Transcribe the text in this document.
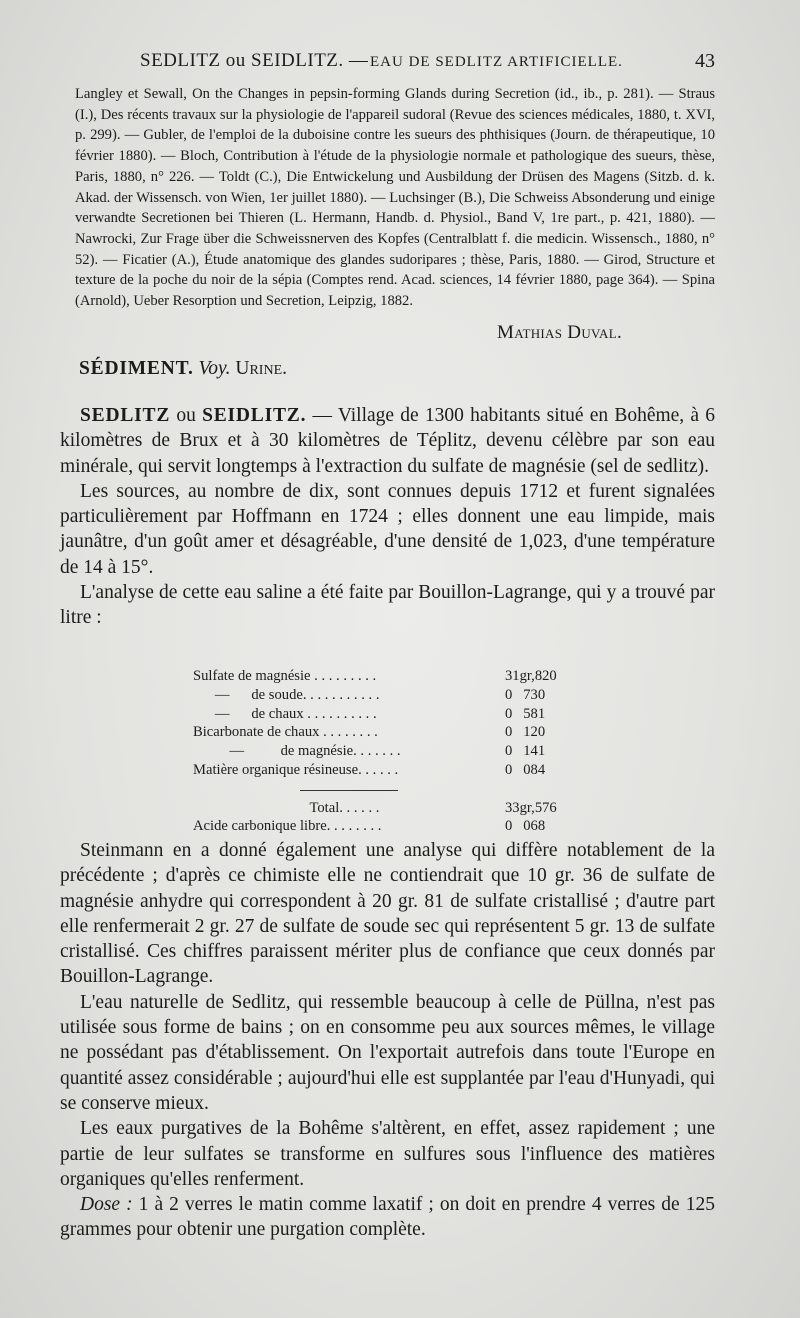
SEDLITZ ou SEIDLITZ. — EAU DE SEDLITZ ARTIFICIELLE.	43

Langley et Sewall, On the Changes in pepsin-forming Glands during Secretion (id., ib., p. 281). — Straus (I.), Des récents travaux sur la physiologie de l'appareil sudoral (Revue des sciences médicales, 1880, t. XVI, p. 299). — Gubler, de l'emploi de la duboisine contre les sueurs des phthisiques (Journ. de thérapeutique, 10 février 1880). — Bloch, Contribution à l'étude de la physiologie normale et pathologique des sueurs, thèse, Paris, 1880, n° 226. — Toldt (C.), Die Entwickelung und Ausbildung der Drüsen des Magens (Sitzb. d. k. Akad. der Wissensch. von Wien, 1er juillet 1880). — Luchsinger (B.), Die Schweiss Absonderung und einige verwandte Secretionen bei Thieren (L. Hermann, Handb. d. Physiol., Band V, 1re part., p. 421, 1880). — Nawrocki, Zur Frage über die Schweissnerven des Kopfes (Centralblatt f. die medicin. Wissensch., 1880, n° 52). — Ficatier (A.), Étude anatomique des glandes sudoripares ; thèse, Paris, 1880. — Girod, Structure et texture de la poche du noir de la sépia (Comptes rend. Acad. sciences, 14 février 1880, page 364). — Spina (Arnold), Ueber Resorption und Secretion, Leipzig, 1882.

Mathias Duval.
SÉDIMENT. Voy. Urine.

SEDLITZ ou SEIDLITZ. — Village de 1300 habitants situé en Bohême, à 6 kilomètres de Brux et à 30 kilomètres de Téplitz, devenu célèbre par son eau minérale, qui servit longtemps à l'extraction du sulfate de magnésie (sel de sedlitz).

Les sources, au nombre de dix, sont connues depuis 1712 et furent signalées particulièrement par Hoffmann en 1724 ; elles donnent une eau limpide, mais jaunâtre, d'un goût amer et désagréable, d'une densité de 1,023, d'une température de 14 à 15°.

L'analyse de cette eau saline a été faite par Bouillon-Lagrange, qui y a trouvé par litre :

Sulfate de magnésie . . . . . . . . .	31gr,820
—      de soude. . . . . . . . . . .	0   730
—      de chaux . . . . . . . . . .	0   581
Bicarbonate de chaux . . . . . . . .	0   120
—          de magnésie. . . . . . .	0   141
Matière organique résineuse. . . . . .	0   084
Total. . . . . .	33gr,576
Acide carbonique libre. . . . . . . .	0   068

Steinmann en a donné également une analyse qui diffère notablement de la précédente ; d'après ce chimiste elle ne contiendrait que 10 gr. 36 de sulfate de magnésie anhydre qui correspondent à 20 gr. 81 de sulfate cristallisé ; d'autre part elle renfermerait 2 gr. 27 de sulfate de soude sec qui représentent 5 gr. 13 de sulfate cristallisé. Ces chiffres paraissent mériter plus de confiance que ceux donnés par Bouillon-Lagrange.

L'eau naturelle de Sedlitz, qui ressemble beaucoup à celle de Püllna, n'est pas utilisée sous forme de bains ; on en consomme peu aux sources mêmes, le village ne possédant pas d'établissement. On l'exportait autrefois dans toute l'Europe en quantité assez considérable ; aujourd'hui elle est supplantée par l'eau d'Hunyadi, qui se conserve mieux.

Les eaux purgatives de la Bohême s'altèrent, en effet, assez rapidement ; une partie de leur sulfates se transforme en sulfures sous l'influence des matières organiques qu'elles renferment.

Dose : 1 à 2 verres le matin comme laxatif ; on doit en prendre 4 verres de 125 grammes pour obtenir une purgation complète.
